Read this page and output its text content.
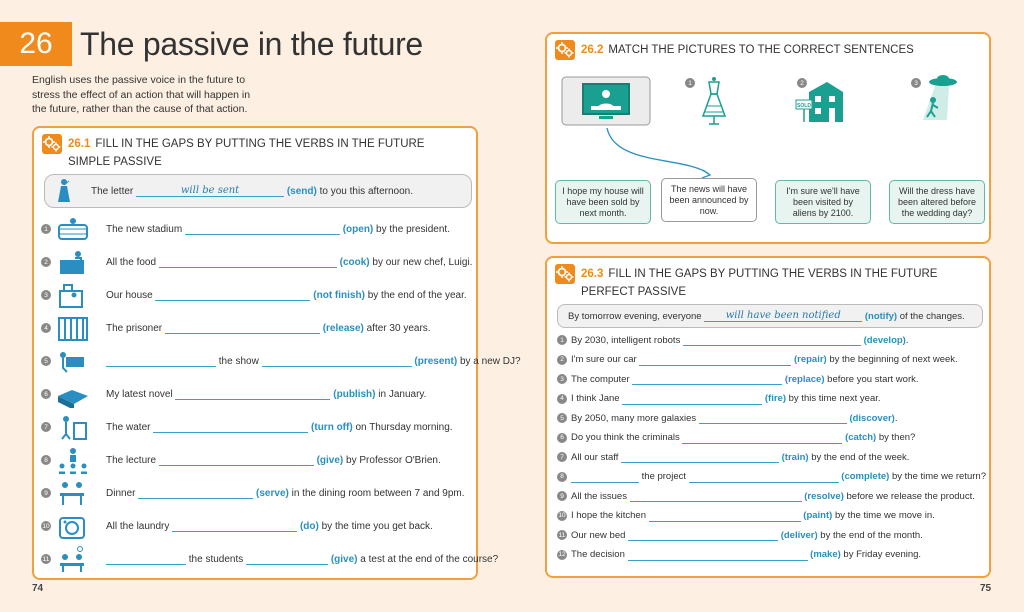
26 The passive in the future
English uses the passive voice in the future to stress the effect of an action that will happen in the future, rather than the cause of that action.
26.1 FILL IN THE GAPS BY PUTTING THE VERBS IN THE FUTURE SIMPLE PASSIVE
The letter
	will be sent
	(send)
to you this afternoon.
1	The new stadium

	(open)
by the president.
2	All the food

	(cook)
by our new chef, Luigi.
3	Our house

	(not finish)
by the end of the year.
4	The prisoner

	(release)
after 30 years.
5
	the show

	(present)
by a new DJ?
6	My latest novel

	(publish)
in January.
7	The water

	(turn off)
on Thursday morning.
8	The lecture

	(give)
by Professor O'Brien.
9	Dinner

	(serve)
in the dining room between 7 and 9pm.
10	All the laundry

	(do)
by the time you get back.
11
	the students

	(give)
a test at the end of the course?
26.2 MATCH THE PICTURES TO THE CORRECT SENTENCES
1	2
SOLD
3
I hope my house will have been sold by next month.
The news will have been announced by now.
I'm sure we'll have been visited by aliens by 2100.
Will the dress have been altered before the wedding day?
26.3 FILL IN THE GAPS BY PUTTING THE VERBS IN THE FUTURE PERFECT PASSIVE
By tomorrow evening, everyone
	will have been notified
	(notify)
of the changes.
1 By 2030, intelligent robots

	(develop) .
2 I'm sure our car

	(repair)
by the beginning of next week.
3 The computer

	(replace)
before you start work.
4 I think Jane

	(fire)
by this time next year.
5 By 2050, many more galaxies

	(discover) .
6 Do you think the criminals

	(catch)
by then?
7 All our staff

	(train)
by the end of the week.
8
	the project

	(complete)
by the time we return?
9 All the issues

	(resolve)
before we release the product.
10 I hope the kitchen

	(paint)
by the time we move in.
11 Our new bed

	(deliver)
by the end of the month.
12 The decision

	(make)
by Friday evening.
74	75
